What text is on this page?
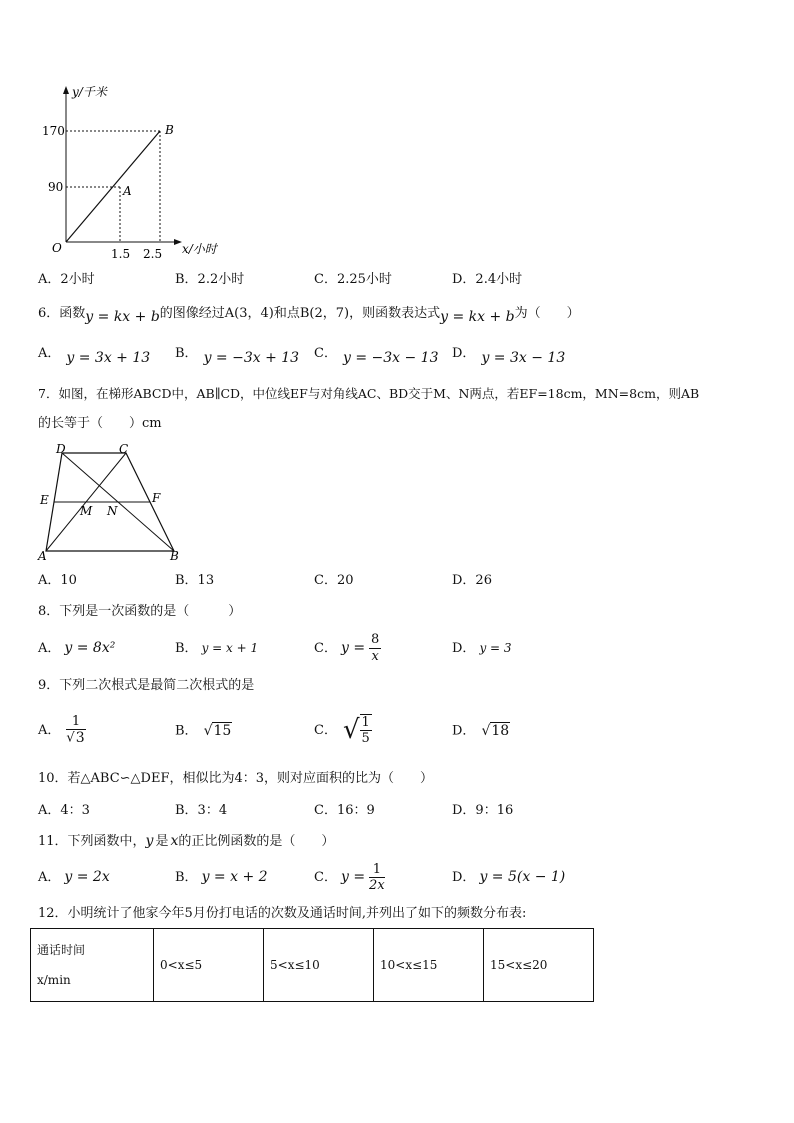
y/千米
170
90
O	1.5 2.5 x/小时
A
B
A．2小时	B．2.2小时	C．2.25小时	D．2.4小时
6．函数y = kx + b的图像经过A(3，4)和点B(2，7)，则函数表达式y = kx + b为（　　）
A． y = 3x + 13 B． y = −3x + 13 C． y = −3x − 13 D． y = 3x − 13
7．如图，在梯形ABCD中，AB∥CD，中位线EF与对角线AC、BD交于M、N两点，若EF=18cm，MN=8cm，则AB
的长等于（　　）cm
D	C
E	F
M N
A	B
A．10	B．13	C．20	D．26
8．下列是一次函数的是（　　　）
A． y = 8x²	B． y = x + 1	C． $y = \frac{8}{x}$	D． y = 3
9．下列二次根式是最简二次根式的是
A． $\frac{1}{√3}$	B． √15	C． √ $\frac{1}{5}$	D． √18
10．若△ABC∽△DEF，相似比为4：3，则对应面积的比为（　　）
A．4：3	B．3：4	C．16：9	D．9：16
11．下列函数中，y 是 x的正比例函数的是（　　）
A． y = 2x	B． y = x + 2	C． $y = \frac{1}{2x}$	D． y = 5(x − 1)
12．小明统计了他家今年5月份打电话的次数及通话时间,并列出了如下的频数分布表:
通话时间
x/min
	0<x≤5	5<x≤10	10<x≤15	15<x≤20
